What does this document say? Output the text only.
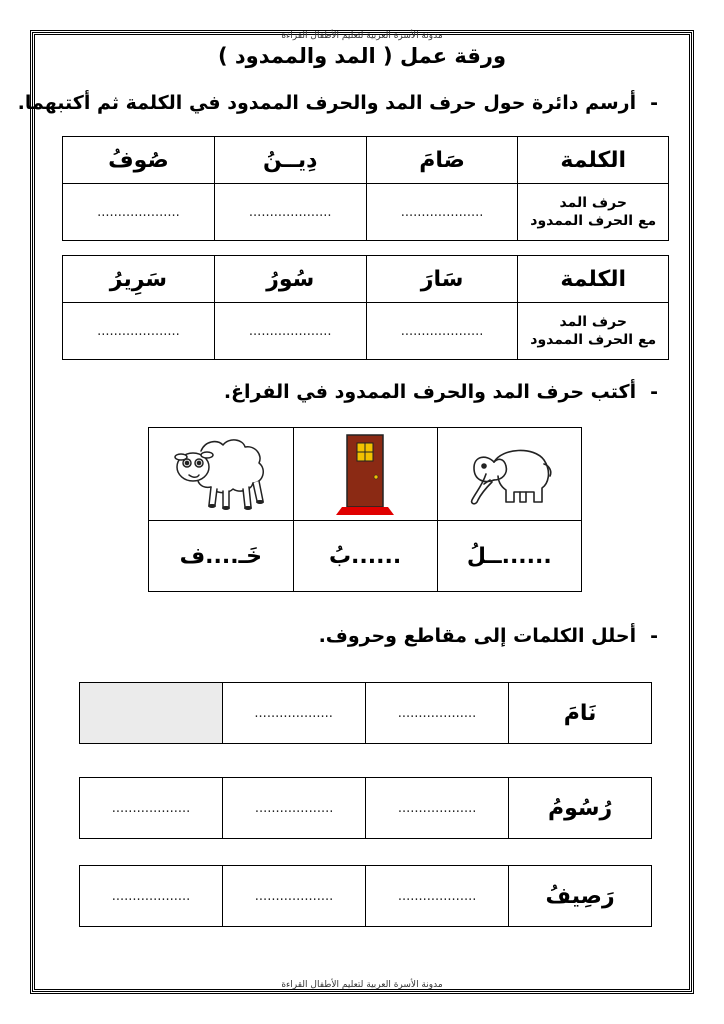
مدونة الأسرة العربية لتعليم الأطفال القراءة
ورقة عمل ( المد والممدود )
-أرسم دائرة حول حرف المد والحرف الممدود في الكلمة ثم أكتبهما.
الكلمة	صَامَ	دِيــنُ	صُوفُ

حرف المد
مع الحرف الممدود	....................	....................	....................
الكلمة	سَارَ	سُورُ	سَرِيرُ

حرف المد
مع الحرف الممدود	....................	....................	....................
-أكتب حرف المد والحرف الممدود في الفراغ.

......ــلُ	......بُ	خَـ....ف
-أحلل الكلمات إلى مقاطع وحروف.
نَامَ	...................	...................	
رُسُومُ	...................	...................	...................
رَصِيفُ	...................	...................	...................
مدونة الأسرة العربية لتعليم الأطفال القراءة
